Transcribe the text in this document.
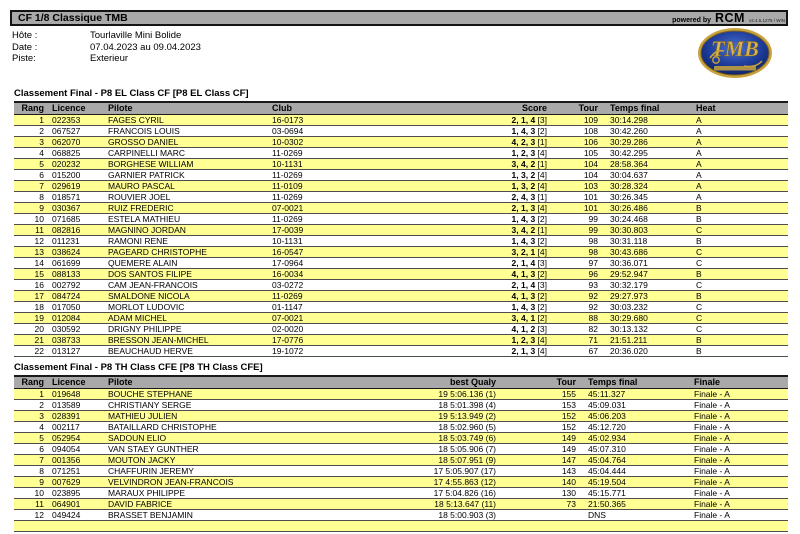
CF 1/8 Classique TMB	powered by RCM v2.4.5.1275 / WIN
TMB
Hôte :	Tourlaville Mini Bolide
Date :	07.04.2023 au 09.04.2023
Piste:	Exterieur
Classement Final - P8 EL Class CF [P8 EL Class CF]
Rang	Licence	Pilote	Club	Score	Tour	Temps final	Heat
1	022353	FAGES CYRIL	16-0173	2, 1, 4 [3]	109	30:14.298	A
2	067527	FRANCOIS LOUIS	03-0694	1, 4, 3 [2]	108	30:42.260	A
3	062070	GROSSO DANIEL	10-0302	4, 2, 3 [1]	106	30:29.286	A
4	068825	CARPINELLI MARC	11-0269	1, 2, 3 [4]	105	30:42.295	A
5	020232	BORGHESE WILLIAM	10-1131	3, 4, 2 [1]	104	28:58.364	A
6	015200	GARNIER PATRICK	11-0269	1, 3, 2 [4]	104	30:04.637	A
7	029619	MAURO PASCAL	11-0109	1, 3, 2 [4]	103	30:28.324	A
8	018571	ROUVIER JOEL	11-0269	2, 4, 3 [1]	101	30:26.345	A
9	030367	RUIZ FREDERIC	07-0021	2, 1, 3 [4]	101	30:26.486	B
10	071685	ESTELA MATHIEU	11-0269	1, 4, 3 [2]	99	30:24.468	B
11	082816	MAGNINO JORDAN	17-0039	3, 4, 2 [1]	99	30:30.803	C
12	011231	RAMONI RENE	10-1131	1, 4, 3 [2]	98	30:31.118	B
13	038624	PAGEARD CHRISTOPHE	16-0547	3, 2, 1 [4]	98	30:43.686	C
14	061699	QUEMERE ALAIN	17-0964	2, 1, 4 [3]	97	30:36.071	C
15	088133	DOS SANTOS FILIPE	16-0034	4, 1, 3 [2]	96	29:52.947	B
16	002792	CAM JEAN-FRANCOIS	03-0272	2, 1, 4 [3]	93	30:32.179	C
17	084724	SMALDONE NICOLA	11-0269	4, 1, 3 [2]	92	29:27.973	B
18	017050	MORLOT LUDOVIC	01-1147	1, 4, 3 [2]	92	30:03.232	C
19	012084	ADAM MICHEL	07-0021	3, 4, 1 [2]	88	30:29.680	C
20	030592	DRIGNY PHILIPPE	02-0020	4, 1, 2 [3]	82	30:13.132	C
21	038733	BRESSON JEAN-MICHEL	17-0776	1, 2, 3 [4]	71	21:51.211	B
22	013127	BEAUCHAUD HERVE	19-1072	2, 1, 3 [4]	67	20:36.020	B
Classement Final - P8 TH Class CFE [P8 TH Class CFE]
Rang	Licence	Pilote	best Qualy	Tour	Temps final	Finale
1	019648	BOUCHE STEPHANE	19 5:06.136 (1)	155	45:11.327	Finale - A
2	013589	CHRISTIANY SERGE	18 5:01.398 (4)	153	45:09.031	Finale - A
3	028391	MATHIEU JULIEN	19 5:13.949 (2)	152	45:06.203	Finale - A
4	002117	BATAILLARD CHRISTOPHE	18 5:02.960 (5)	152	45:12.720	Finale - A
5	052954	SADOUN ELIO	18 5:03.749 (6)	149	45:02.934	Finale - A
6	094054	VAN STAEY GUNTHER	18 5:05.906 (7)	149	45:07.310	Finale - A
7	001356	MOUTON JACKY	18 5:07.951 (9)	147	45:04.764	Finale - A
8	071251	CHAFFURIN JEREMY	17 5:05.907 (17)	143	45:04.444	Finale - A
9	007629	VELVINDRON JEAN-FRANCOIS	17 4:55.863 (12)	140	45:19.504	Finale - A
10	023895	MARAUX PHILIPPE	17 5:04.826 (16)	130	45:15.771	Finale - A
11	064901	DAVID FABRICE	18 5:13.647 (11)	73	21:50.365	Finale - A
12	049424	BRASSET BENJAMIN	18 5:00.903 (3)		DNS	Finale - A
